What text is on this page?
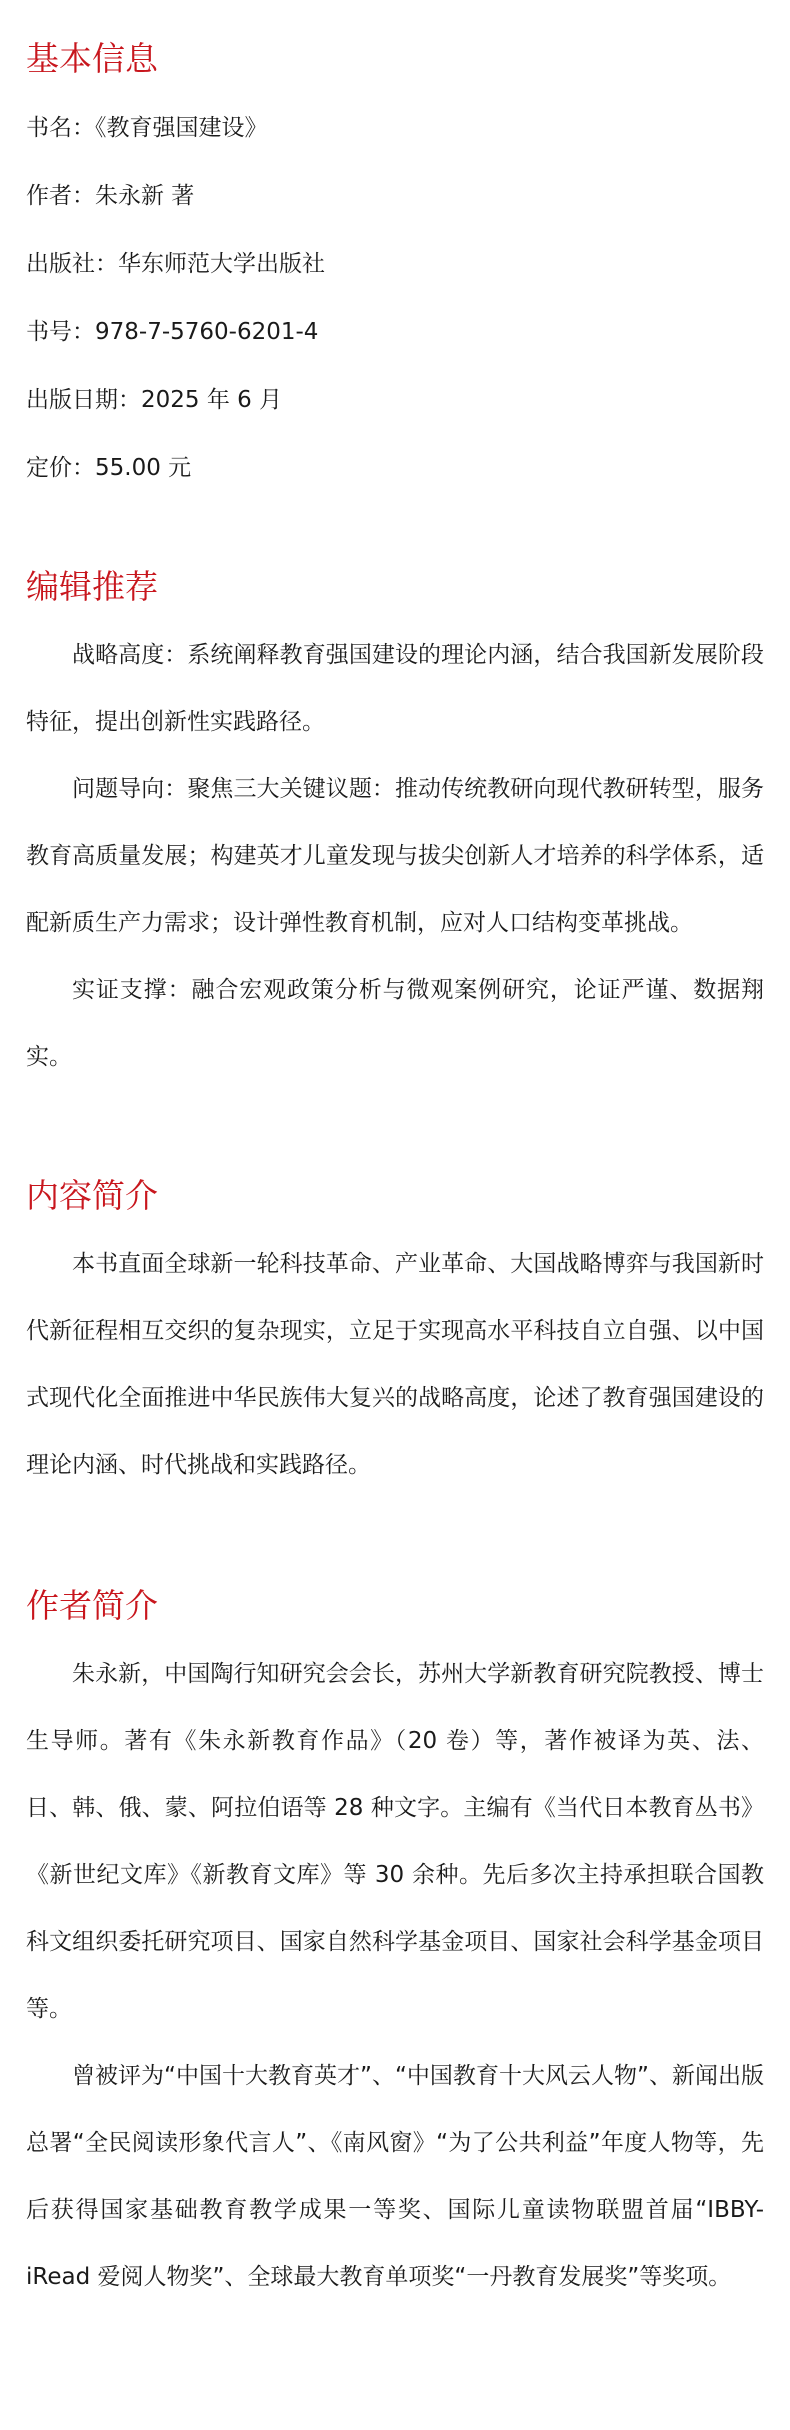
基本信息
书名：《教育强国建设》
作者：朱永新 著
出版社：华东师范大学出版社
书号：978-7-5760-6201-4
出版日期：2025 年 6 月
定价：55.00 元
编辑推荐

战略高度：系统阐释教育强国建设的理论内涵，结合我国新发展阶段特征，提出创新性实践路径。

问题导向：聚焦三大关键议题：推动传统教研向现代教研转型，服务教育高质量发展；构建英才儿童发现与拔尖创新人才培养的科学体系，适配新质生产力需求；设计弹性教育机制，应对人口结构变革挑战。

实证支撑：融合宏观政策分析与微观案例研究，论证严谨、数据翔实。

内容简介

本书直面全球新一轮科技革命、产业革命、大国战略博弈与我国新时代新征程相互交织的复杂现实，立足于实现高水平科技自立自强、以中国式现代化全面推进中华民族伟大复兴的战略高度，论述了教育强国建设的理论内涵、时代挑战和实践路径。

作者简介

朱永新，中国陶行知研究会会长，苏州大学新教育研究院教授、博士生导师。著有《朱永新教育作品》（20 卷）等，著作被译为英、法、日、韩、俄、蒙、阿拉伯语等 28 种文字。主编有《当代日本教育丛书》《新世纪文库》《新教育文库》等 30 余种。先后多次主持承担联合国教科文组织委托研究项目、国家自然科学基金项目、国家社会科学基金项目等。

曾被评为“中国十大教育英才”、“中国教育十大风云人物”、新闻出版总署“全民阅读形象代言人”、《南风窗》“为了公共利益”年度人物等，先后获得国家基础教育教学成果一等奖、国际儿童读物联盟首届“IBBY-iRead 爱阅人物奖”、全球最大教育单项奖“一丹教育发展奖”等奖项。
